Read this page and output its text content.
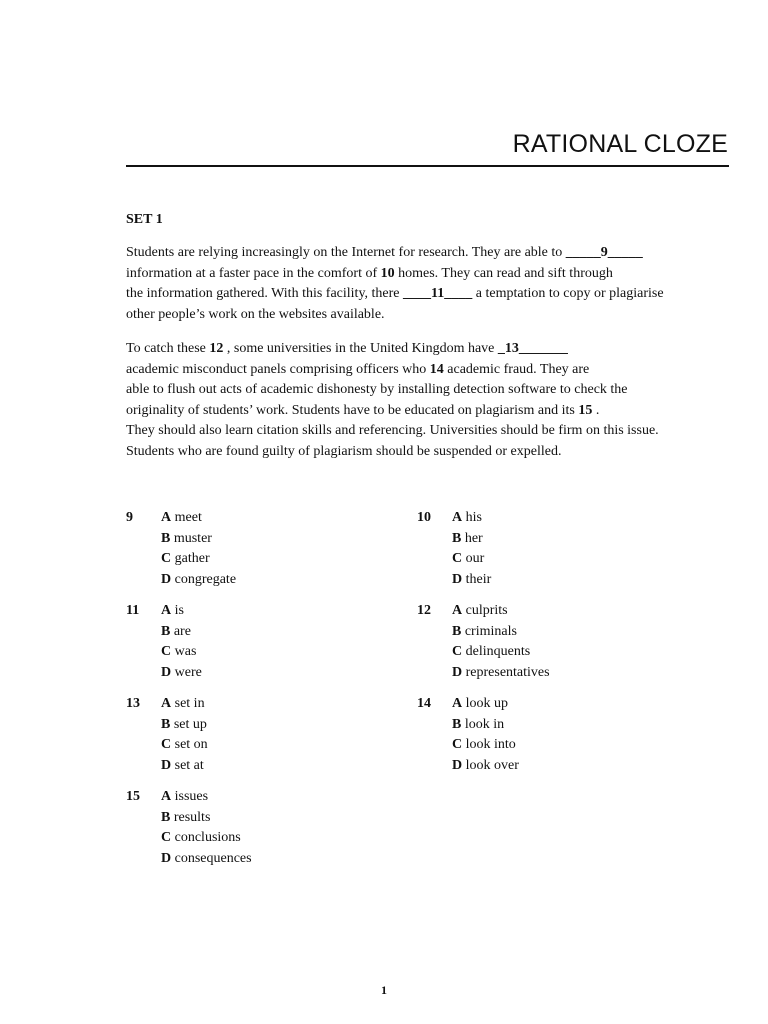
RATIONAL CLOZE
SET 1
Students are relying increasingly on the Internet for research. They are able to _____9_____
information at a faster pace in the comfort of 10 homes. They can read and sift through
the information gathered. With this facility, there ____11____ a temptation to copy or plagiarise
other people’s work on the websites available.
To catch these 12 , some universities in the United Kingdom have _13_______
academic misconduct panels comprising officers who 14 academic fraud. They are
able to flush out acts of academic dishonesty by installing detection software to check the
originality of students’ work. Students have to be educated on plagiarism and its 15 .
They should also learn citation skills and referencing. Universities should be firm on this issue.
Students who are found guilty of plagiarism should be suspended or expelled.
9 A meet
B muster
C gather
D congregate
10 A his
B her
C our
D their
11 A is
B are
C was
D were
12 A culprits
B criminals
C delinquents
D representatives
13 A set in
B set up
C set on
D set at
14 A look up
B look in
C look into
D look over
15 A issues
B results
C conclusions
D consequences
1
